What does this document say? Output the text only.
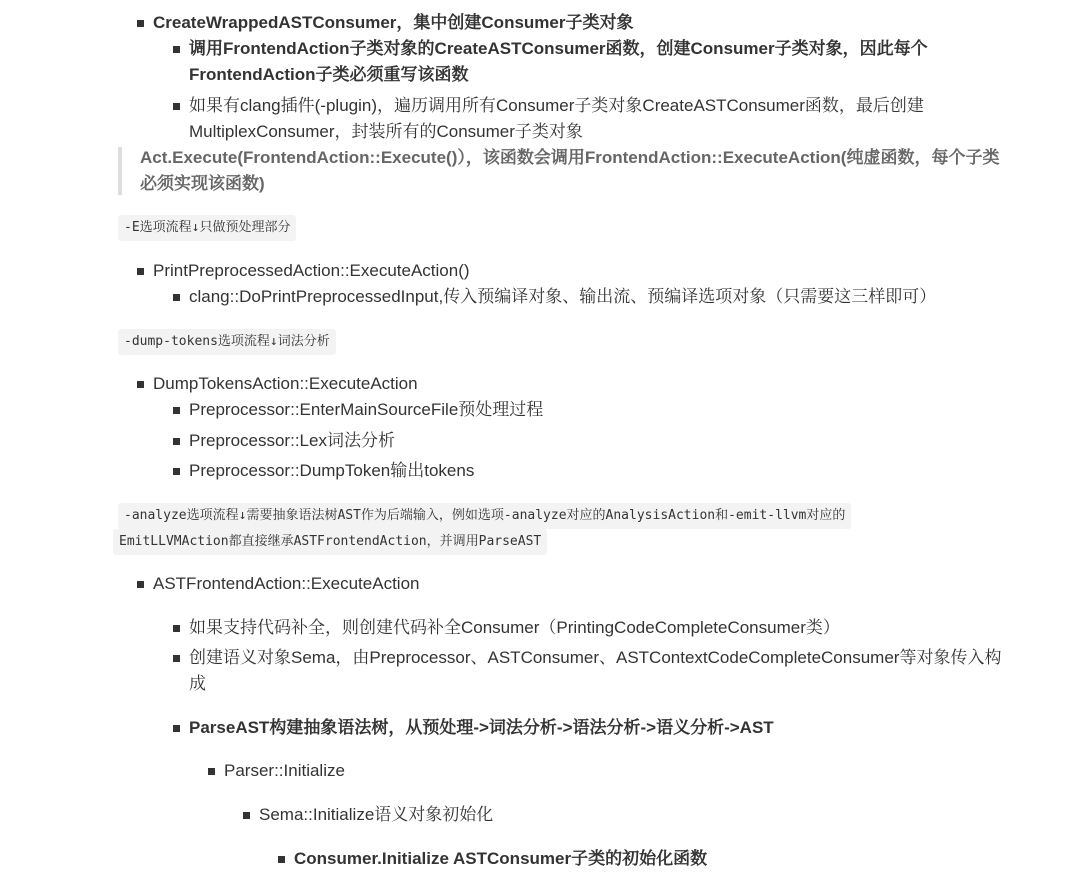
CreateWrappedASTConsumer，集中创建Consumer子类对象
调用FrontendAction子类对象的CreateASTConsumer函数，创建Consumer子类对象，因此每个
FrontendAction子类必须重写该函数
如果有clang插件(-plugin)，遍历调用所有Consumer子类对象CreateASTConsumer函数，最后创建
MultiplexConsumer，封装所有的Consumer子类对象
Act.Execute(FrontendAction::Execute()），该函数会调用FrontendAction::ExecuteAction(纯虚函数，每个子类
必须实现该函数)
-E选项流程↓只做预处理部分
PrintPreprocessedAction::ExecuteAction()
clang::DoPrintPreprocessedInput,传入预编译对象、输出流、预编译选项对象（只需要这三样即可）
-dump-tokens选项流程↓词法分析
DumpTokensAction::ExecuteAction
Preprocessor::EnterMainSourceFile预处理过程
Preprocessor::Lex词法分析
Preprocessor::DumpToken输出tokens
-analyze选项流程↓需要抽象语法树AST作为后端输入，例如选项-analyze对应的AnalysisAction和-emit-llvm对应的
EmitLLVMAction都直接继承ASTFrontendAction，并调用ParseAST
ASTFrontendAction::ExecuteAction
如果支持代码补全，则创建代码补全Consumer（PrintingCodeCompleteConsumer类）
创建语义对象Sema，由Preprocessor、ASTConsumer、ASTContextCodeCompleteConsumer等对象传入构
成
ParseAST构建抽象语法树，从预处理->词法分析->语法分析->语义分析->AST
Parser::Initialize
Sema::Initialize语义对象初始化
Consumer.Initialize ASTConsumer子类的初始化函数
